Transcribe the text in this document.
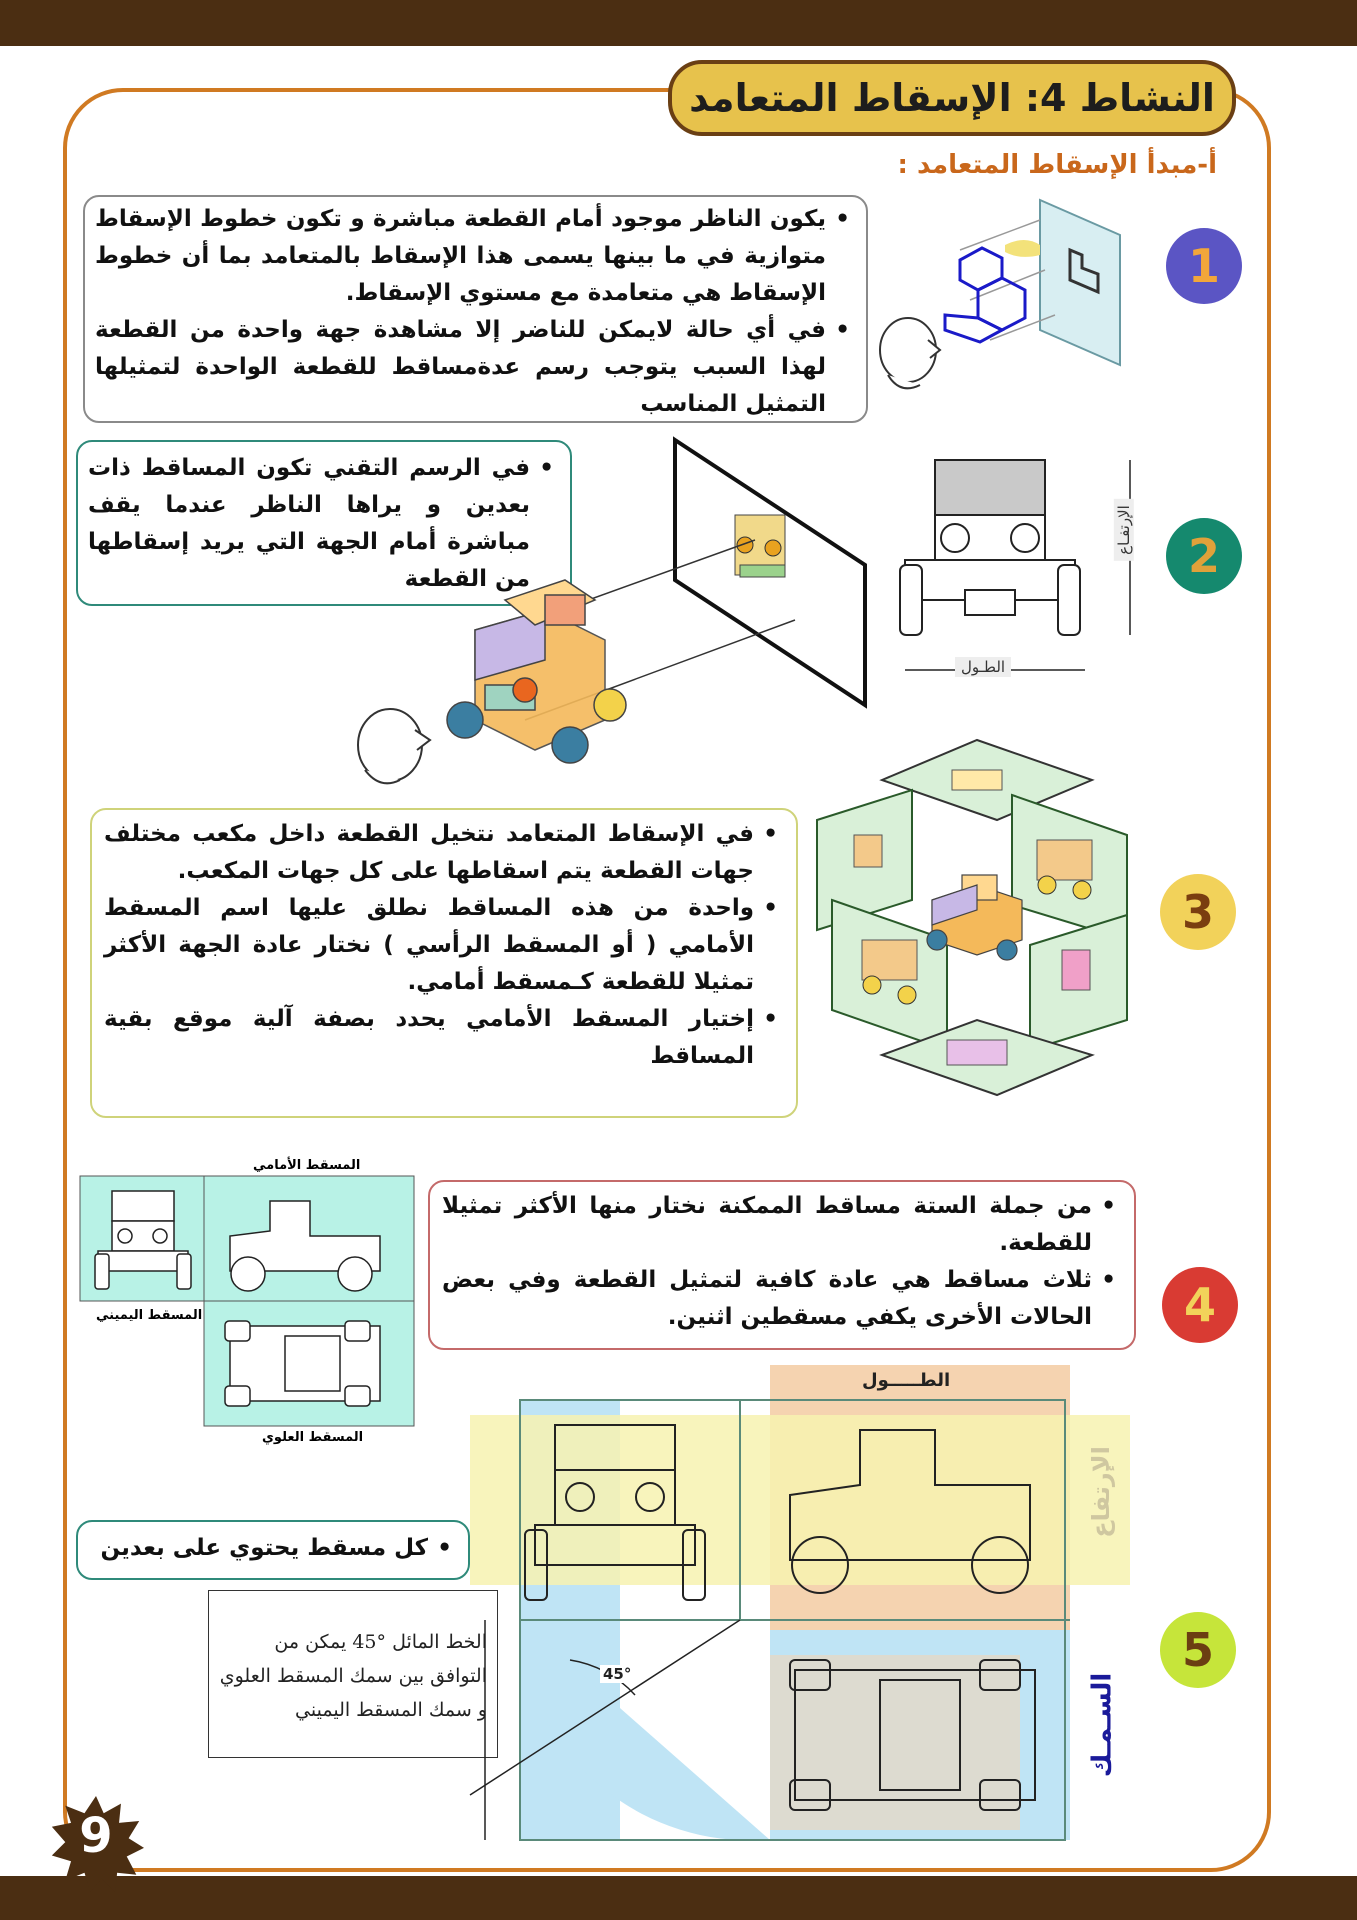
النشاط 4: الإسقاط المتعامد
أ-مبدأ الإسقاط المتعامد :
• يكون الناظر موجود أمام القطعة مباشرة و تكون خطوط الإسقاط متوازية في ما بينها يسمى هذا الإسقاط بالمتعامد بما أن خطوط الإسقاط هي متعامدة مع مستوي الإسقاط.
• في أي حالة لايمكن للناضر إلا مشاهدة جهة واحدة من القطعة لهذا السبب يتوجب رسم عدةمساقط للقطعة الواحدة لتمثيلها التمثيل المناسب
1
• في الرسم التقني تكون المساقط ذات بعدين و يراها الناظر عندما يقف مباشرة أمام الجهة التي يريد إسقاطها من القطعة
الطـول
الإرتفـاع 2
• في الإسقاط المتعامد نتخيل القطعة داخل مكعب مختلف جهات القطعة يتم اسقاطها على كل جهات المكعب.
• واحدة من هذه المساقط نطلق عليها اسم المسقط الأمامي ( أو المسقط الرأسي ) نختار عادة الجهة الأكثر تمثيلا للقطعة كـمسقط أمامي.
• إختيار المسقط الأمامي يحدد بصفة آلية موقع بقية المساقط
3
المسقط الأمامي
المسقط اليميني
المسقط العلوي
• من جملة الستة مساقط الممكنة نختار منها الأكثر تمثيلا للقطعة.
• ثلاث مساقط هي عادة كافية لتمثيل القطعة وفي بعض الحالات الأخرى يكفي مسقطين اثنين. 4
• كل مسقط يحتوي على بعدين
الخط المائل °45 يمكن من
التوافق بين سمك المسقط العلوي
و سمك المسقط اليميني
الطـــــول
الإرتفاع
السـمـك
45°	5
9
